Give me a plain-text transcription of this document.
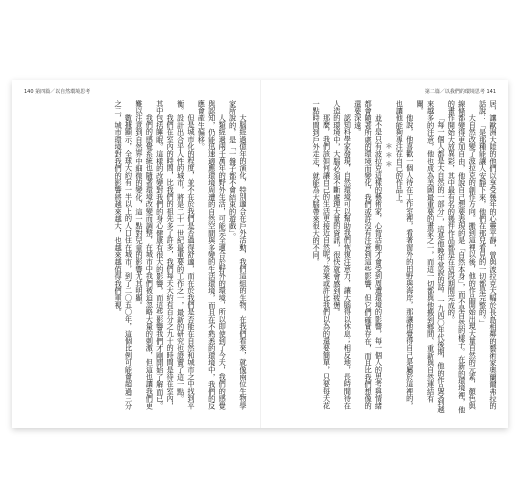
140 第四篇／以自然環境思考

大腦經過億年的演化，特別適合在戶外活動，我們這組的生物，在我們看來，就像兩位生物學家所說的，是「一盤子都不會結束的遊戲」。

人類經過兩千萬年的野外生活，可能完全適合於野外的環境，所以即使到了今天，我們的感覺與認知，仍能迅速適應環境周遭的自然空間與多變的生活環境，而且在不熟悉的環境中，我們的反應會產生偏移。

但是城市化的程度，並不在於我們是否過得舒適，而在於我們是否能在自然和城市之中找到平衡。設計出合乎人性的城市，將是二十一世紀最重要的工作之一，最新的研究也證實了這一點。

我們在室內的時間，比我們的祖先多了許多，我們每天大約有百分之九十的時間是待在室內，其中包括睡眠。這樣的改變對我們的身心健康有很大的影響，而這些影響我們才剛開始了解而已。

我們的感覺系統也隨著環境改變而調整，在城市中我們被迫忽略大量的刺激，但這也讓我們更難以注意到自然界中細微的變化，這一點對兒童的影響尤其明顯。

數據顯示，全球大約有一半以上的人口住在城市，到了二〇五〇年，這個比例可能會超過三分之二，城市環境對我們的影響將越來越大，也越來越值得我們重視。

第二篇／以我們的環境思考 141

居，讓歐洲大陸的他們以享受幾年的心靈平靜，曾與波拉克大幅於長島相鄰的藝術家奧蘭爾弗拉的話說：「是那種能讓人安靜下來，他們在那兒看見的一切都是完整的。」

大自然改變了波拉克的創作方向。搬到這裡以後，他的作品開始出現大量自然的元素，顏色與線條都變得更加自由，他說自己想要表現的是「自然本身」，而不是自然的樣子。在新的環境裡，他的畫作開始大放異彩，其中最有名的幾件作品都是在這段期間完成的。

「每一個人都是大自然的一部分」，這是他晚年常說的話。一九四〇年代後期，他的作品受到越來越多的注意，他也成為美國最重要的畫家之一，而這一切都與他搬到鄉間、重新與自然連結有關。

他說，他喜歡一個人待在工作室裡，看著窗外的田野與海岸，那讓他覺得自己是屬於這裡的，也讓他能夠專注在自己的作品上。

＊＊＊

並不是只有波拉克這樣的藝術家，心智活動才會受到周遭環境的影響，每一個人的思考與情緒都會隨著所處的環境而變化，我們或許沒有注意到這些影響，但它們確實存在，而且比我們想像的還要深遠。

認知科學家發現，自然環境可以幫助我們恢復注意力，讓大腦得以休息；相反地，長時間待在人造的環境中，大腦必須不斷處理大量的資訊，很快就會感到疲憊。

那麼，我們該如何讓自己的生活更接近自然呢？答案或許比我們以為的還要簡單，只要每天花一點時間到戶外走走，就能為大腦帶來很大的不同。
